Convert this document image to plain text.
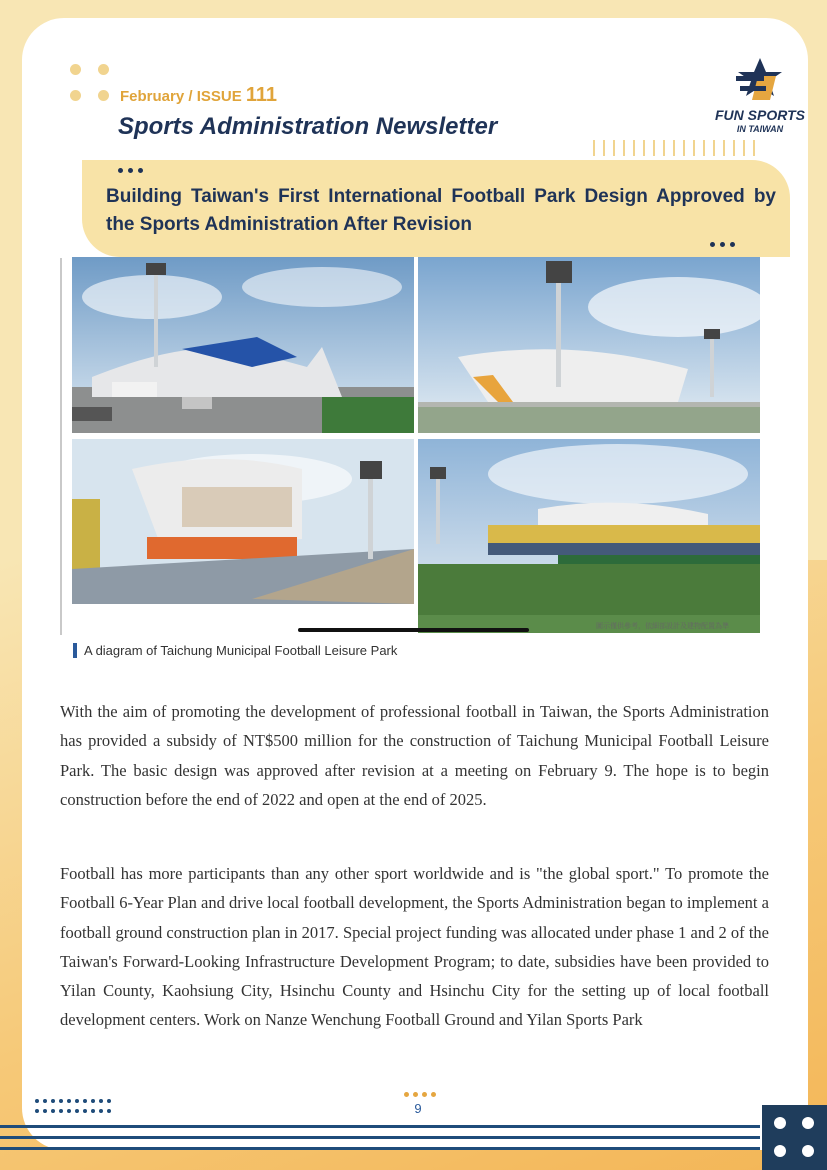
February / ISSUE 111
Sports Administration Newsletter	FUN SPORTS
IN TAIWAN
Building Taiwan's First International Football Park Design Approved by the Sports Administration After Revision
圖示僅供參考，依細部設計及建物配置為準
A diagram of Taichung Municipal Football Leisure Park
With the aim of promoting the development of professional football in Taiwan, the Sports Administration has provided a subsidy of NT$500 million for the construction of Taichung Municipal Football Leisure Park. The basic design was approved after revision at a meeting on February 9. The hope is to begin construction before the end of 2022 and open at the end of 2025.
Football has more participants than any other sport worldwide and is "the global sport." To promote the Football 6-Year Plan and drive local football development, the Sports Administration began to implement a football ground construction plan in 2017. Special project funding was allocated under phase 1 and 2 of the Taiwan's Forward-Looking Infrastructure Development Program; to date, subsidies have been provided to Yilan County, Kaohsiung City, Hsinchu County and Hsinchu City for the setting up of local football development centers. Work on Nanze Wenchung Football Ground and Yilan Sports Park
9
